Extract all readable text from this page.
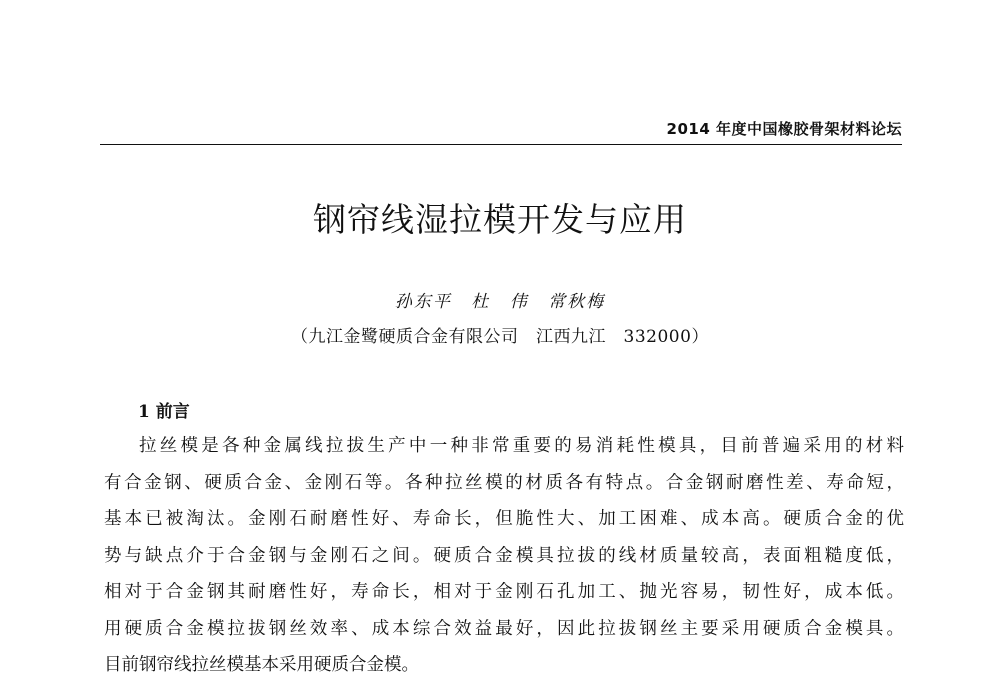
2014 年度中国橡胶骨架材料论坛
钢帘线湿拉模开发与应用
孙东平 杜 伟 常秋梅
（九江金鹭硬质合金有限公司　江西九江　332000）
1 前言
拉丝模是各种金属线拉拔生产中一种非常重要的易消耗性模具，目前普遍采用的材料
有合金钢、硬质合金、金刚石等。各种拉丝模的材质各有特点。合金钢耐磨性差、寿命短，
基本已被淘汰。金刚石耐磨性好、寿命长，但脆性大、加工困难、成本高。硬质合金的优
势与缺点介于合金钢与金刚石之间。硬质合金模具拉拔的线材质量较高，表面粗糙度低，
相对于合金钢其耐磨性好，寿命长，相对于金刚石孔加工、抛光容易，韧性好，成本低。
用硬质合金模拉拔钢丝效率、成本综合效益最好，因此拉拔钢丝主要采用硬质合金模具。
目前钢帘线拉丝模基本采用硬质合金模。
